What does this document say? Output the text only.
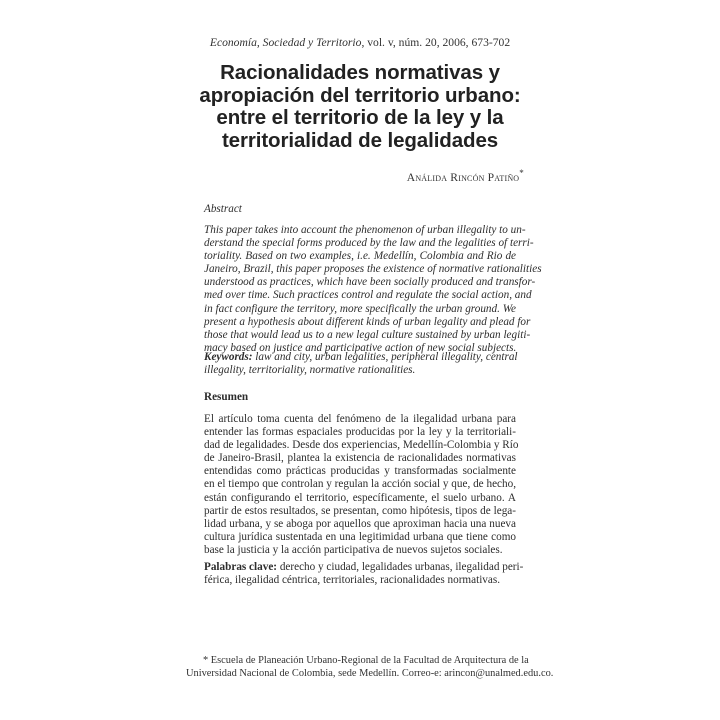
Economía, Sociedad y Territorio, vol. v, núm. 20, 2006, 673-702
Racionalidades normativas y
apropiación del territorio urbano:
entre el territorio de la ley y la
territorialidad de legalidades
Análida Rincón Patiño*
Abstract
This paper takes into account the phenomenon of urban illegality to un-
derstand the special forms produced by the law and the legalities of terri-
toriality. Based on two examples, i.e. Medellín, Colombia and Rio de
Janeiro, Brazil, this paper proposes the existence of normative rationalities
understood as practices, which have been socially produced and transfor-
med over time. Such practices control and regulate the social action, and
in fact configure the territory, more specifically the urban ground. We
present a hypothesis about different kinds of urban legality and plead for
those that would lead us to a new legal culture sustained by urban legiti-
macy based on justice and participative action of new social subjects.
Keywords: law and city, urban legalities, peripheral illegality, central
illegality, territoriality, normative rationalities.
Resumen
El artículo toma cuenta del fenómeno de la ilegalidad urbana para
entender las formas espaciales producidas por la ley y la territoriali-
dad de legalidades. Desde dos experiencias, Medellín-Colombia y Río
de Janeiro-Brasil, plantea la existencia de racionalidades normativas
entendidas como prácticas producidas y transformadas socialmente
en el tiempo que controlan y regulan la acción social y que, de hecho,
están configurando el territorio, específicamente, el suelo urbano. A
partir de estos resultados, se presentan, como hipótesis, tipos de lega-
lidad urbana, y se aboga por aquellos que aproximan hacia una nueva
cultura jurídica sustentada en una legitimidad urbana que tiene como
base la justicia y la acción participativa de nuevos sujetos sociales.
Palabras clave: derecho y ciudad, legalidades urbanas, ilegalidad peri-
férica, ilegalidad céntrica, territoriales, racionalidades normativas.
* Escuela de Planeación Urbano-Regional de la Facultad de Arquitectura de la
Universidad Nacional de Colombia, sede Medellín. Correo-e: arincon@unalmed.edu.co.
